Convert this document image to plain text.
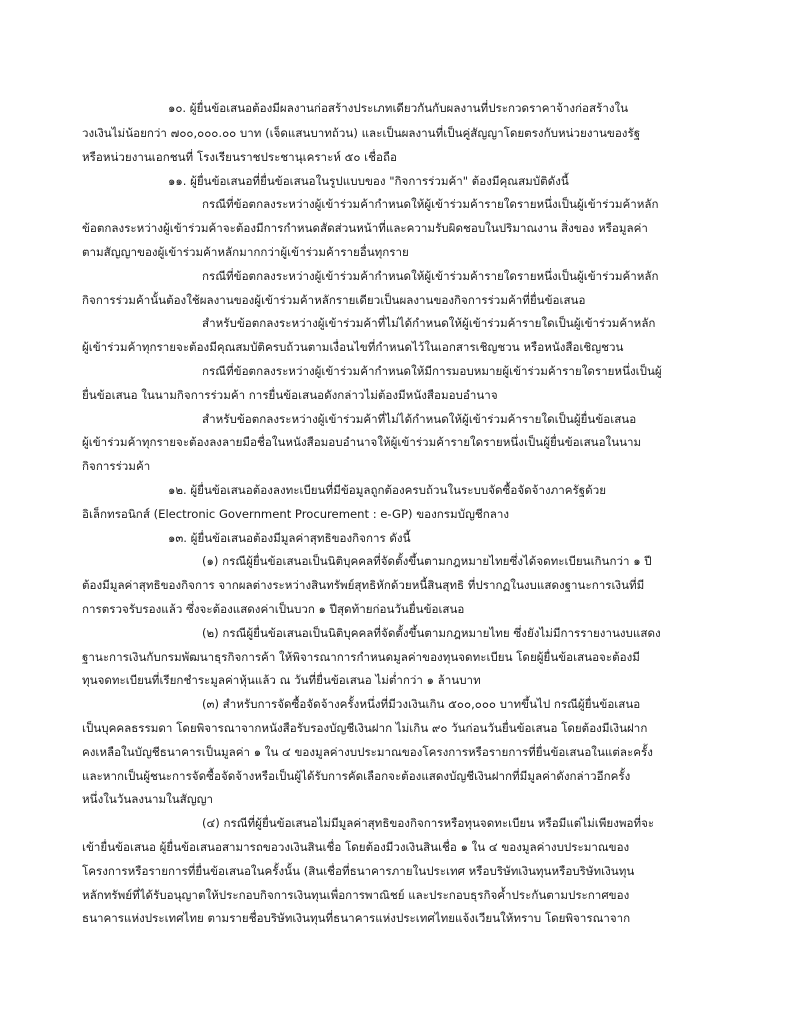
๑๐. ผู้ยื่นข้อเสนอต้องมีผลงานก่อสร้างประเภทเดียวกันกับผลงานที่ประกวดราคาจ้างก่อสร้างใน
วงเงินไม่น้อยกว่า ๗๐๐,๐๐๐.๐๐ บาท (เจ็ดแสนบาทถ้วน) และเป็นผลงานที่เป็นคู่สัญญาโดยตรงกับหน่วยงานของรัฐ
หรือหน่วยงานเอกชนที่ โรงเรียนราชประชานุเคราะห์ ๕๐ เชื่อถือ
๑๑. ผู้ยื่นข้อเสนอที่ยื่นข้อเสนอในรูปแบบของ "กิจการร่วมค้า" ต้องมีคุณสมบัติดังนี้
กรณีที่ข้อตกลงระหว่างผู้เข้าร่วมค้ากำหนดให้ผู้เข้าร่วมค้ารายใดรายหนึ่งเป็นผู้เข้าร่วมค้าหลัก
ข้อตกลงระหว่างผู้เข้าร่วมค้าจะต้องมีการกำหนดสัดส่วนหน้าที่และความรับผิดชอบในปริมาณงาน สิ่งของ หรือมูลค่า
ตามสัญญาของผู้เข้าร่วมค้าหลักมากกว่าผู้เข้าร่วมค้ารายอื่นทุกราย
กรณีที่ข้อตกลงระหว่างผู้เข้าร่วมค้ากำหนดให้ผู้เข้าร่วมค้ารายใดรายหนึ่งเป็นผู้เข้าร่วมค้าหลัก
กิจการร่วมค้านั้นต้องใช้ผลงานของผู้เข้าร่วมค้าหลักรายเดียวเป็นผลงานของกิจการร่วมค้าที่ยื่นข้อเสนอ
สำหรับข้อตกลงระหว่างผู้เข้าร่วมค้าที่ไม่ได้กำหนดให้ผู้เข้าร่วมค้ารายใดเป็นผู้เข้าร่วมค้าหลัก
ผู้เข้าร่วมค้าทุกรายจะต้องมีคุณสมบัติครบถ้วนตามเงื่อนไขที่กำหนดไว้ในเอกสารเชิญชวน หรือหนังสือเชิญชวน
กรณีที่ข้อตกลงระหว่างผู้เข้าร่วมค้ากำหนดให้มีการมอบหมายผู้เข้าร่วมค้ารายใดรายหนึ่งเป็นผู้
ยื่นข้อเสนอ ในนามกิจการร่วมค้า การยื่นข้อเสนอดังกล่าวไม่ต้องมีหนังสือมอบอำนาจ
สำหรับข้อตกลงระหว่างผู้เข้าร่วมค้าที่ไม่ได้กำหนดให้ผู้เข้าร่วมค้ารายใดเป็นผู้ยื่นข้อเสนอ
ผู้เข้าร่วมค้าทุกรายจะต้องลงลายมือชื่อในหนังสือมอบอำนาจให้ผู้เข้าร่วมค้ารายใดรายหนึ่งเป็นผู้ยื่นข้อเสนอในนาม
กิจการร่วมค้า
๑๒. ผู้ยื่นข้อเสนอต้องลงทะเบียนที่มีข้อมูลถูกต้องครบถ้วนในระบบจัดซื้อจัดจ้างภาครัฐด้วย
อิเล็กทรอนิกส์ (Electronic Government Procurement : e-GP) ของกรมบัญชีกลาง
๑๓. ผู้ยื่นข้อเสนอต้องมีมูลค่าสุทธิของกิจการ ดังนี้
(๑) กรณีผู้ยื่นข้อเสนอเป็นนิติบุคคลที่จัดตั้งขึ้นตามกฎหมายไทยซึ่งได้จดทะเบียนเกินกว่า ๑ ปี
ต้องมีมูลค่าสุทธิของกิจการ จากผลต่างระหว่างสินทรัพย์สุทธิหักด้วยหนี้สินสุทธิ ที่ปรากฏในงบแสดงฐานะการเงินที่มี
การตรวจรับรองแล้ว ซึ่งจะต้องแสดงค่าเป็นบวก ๑ ปีสุดท้ายก่อนวันยื่นข้อเสนอ
(๒) กรณีผู้ยื่นข้อเสนอเป็นนิติบุคคลที่จัดตั้งขึ้นตามกฎหมายไทย ซึ่งยังไม่มีการรายงานงบแสดง
ฐานะการเงินกับกรมพัฒนาธุรกิจการค้า ให้พิจารณาการกำหนดมูลค่าของทุนจดทะเบียน โดยผู้ยื่นข้อเสนอจะต้องมี
ทุนจดทะเบียนที่เรียกชำระมูลค่าหุ้นแล้ว ณ วันที่ยื่นข้อเสนอ ไม่ต่ำกว่า ๑ ล้านบาท
(๓) สำหรับการจัดซื้อจัดจ้างครั้งหนึ่งที่มีวงเงินเกิน ๕๐๐,๐๐๐ บาทขึ้นไป กรณีผู้ยื่นข้อเสนอ
เป็นบุคคลธรรมดา โดยพิจารณาจากหนังสือรับรองบัญชีเงินฝาก ไม่เกิน ๙๐ วันก่อนวันยื่นข้อเสนอ โดยต้องมีเงินฝาก
คงเหลือในบัญชีธนาคารเป็นมูลค่า ๑ ใน ๔ ของมูลค่างบประมาณของโครงการหรือรายการที่ยื่นข้อเสนอในแต่ละครั้ง
และหากเป็นผู้ชนะการจัดซื้อจัดจ้างหรือเป็นผู้ได้รับการคัดเลือกจะต้องแสดงบัญชีเงินฝากที่มีมูลค่าดังกล่าวอีกครั้ง
หนึ่งในวันลงนามในสัญญา
(๔) กรณีที่ผู้ยื่นข้อเสนอไม่มีมูลค่าสุทธิของกิจการหรือทุนจดทะเบียน หรือมีแต่ไม่เพียงพอที่จะ
เข้ายื่นข้อเสนอ ผู้ยื่นข้อเสนอสามารถขอวงเงินสินเชื่อ โดยต้องมีวงเงินสินเชื่อ ๑ ใน ๔ ของมูลค่างบประมาณของ
โครงการหรือรายการที่ยื่นข้อเสนอในครั้งนั้น (สินเชื่อที่ธนาคารภายในประเทศ หรือบริษัทเงินทุนหรือบริษัทเงินทุน
หลักทรัพย์ที่ได้รับอนุญาตให้ประกอบกิจการเงินทุนเพื่อการพาณิชย์ และประกอบธุรกิจค้ำประกันตามประกาศของ
ธนาคารแห่งประเทศไทย ตามรายชื่อบริษัทเงินทุนที่ธนาคารแห่งประเทศไทยแจ้งเวียนให้ทราบ โดยพิจารณาจาก
